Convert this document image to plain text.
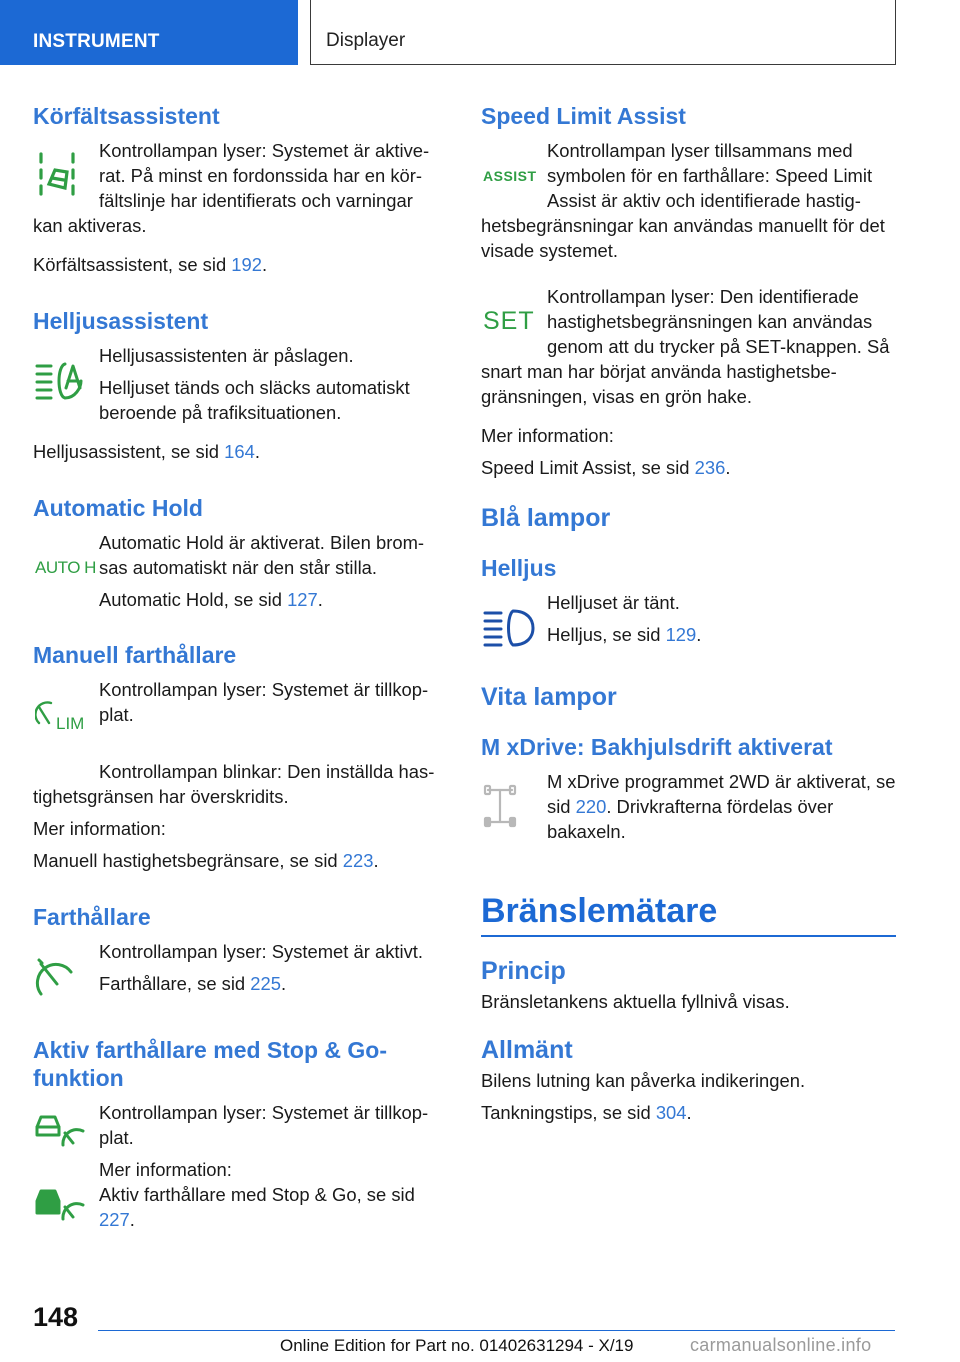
INSTRUMENT	Displayer
Körfältsassistent

Kontrollampan lyser: Systemet är aktiverat. På minst en fordonssida har en körfältslinje har identifierats och varningar kan aktiveras.

Körfältsassistent, se sid 192.

Helljusassistent

Helljusassistenten är påslagen.

Helljuset tänds och släcks automatiskt beroende på trafiksituationen.

Helljusassistent, se sid 164.

Automatic Hold
AUTO H

Automatic Hold är aktiverat. Bilen bromsas automatiskt när den står stilla.

Automatic Hold, se sid 127.

Manuell farthållare
LIM

Kontrollampan lyser: Systemet är tillkopplat.

Kontrollampan blinkar: Den inställda hastighetsgränsen har överskridits.

Mer information:

Manuell hastighetsbegränsare, se sid 223.

Farthållare

Kontrollampan lyser: Systemet är aktivt.

Farthållare, se sid 225.

Aktiv farthållare med Stop & Go-funktion

Kontrollampan lyser: Systemet är tillkopplat.

Mer information:

Aktiv farthållare med Stop & Go, se sid 227.

Speed Limit Assist
ASSIST

Kontrollampan lyser tillsammans med symbolen för en farthållare: Speed Limit Assist är aktiv och identifierade hastighetsbegränsningar kan användas manuellt för det visade systemet.

SET

Kontrollampan lyser: Den identifierade hastighetsbegränsningen kan användas genom att du trycker på SET-knappen. Så snart man har börjat använda hastighetsbegränsningen, visas en grön hake.

Mer information:

Speed Limit Assist, se sid 236.

Blå lampor
Helljus

Helljuset är tänt.

Helljus, se sid 129.

Vita lampor
M xDrive: Bakhjulsdrift aktiverat

M xDrive programmet 2WD är aktiverat, se sid 220. Drivkrafterna fördelas över bakaxeln.

Bränslemätare
Princip

Bränsletankens aktuella fyllnivå visas.

Allmänt

Bilens lutning kan påverka indikeringen.

Tankningstips, se sid 304.

148
Online Edition for Part no. 01402631294 - X/19	carmanualsonline.info
